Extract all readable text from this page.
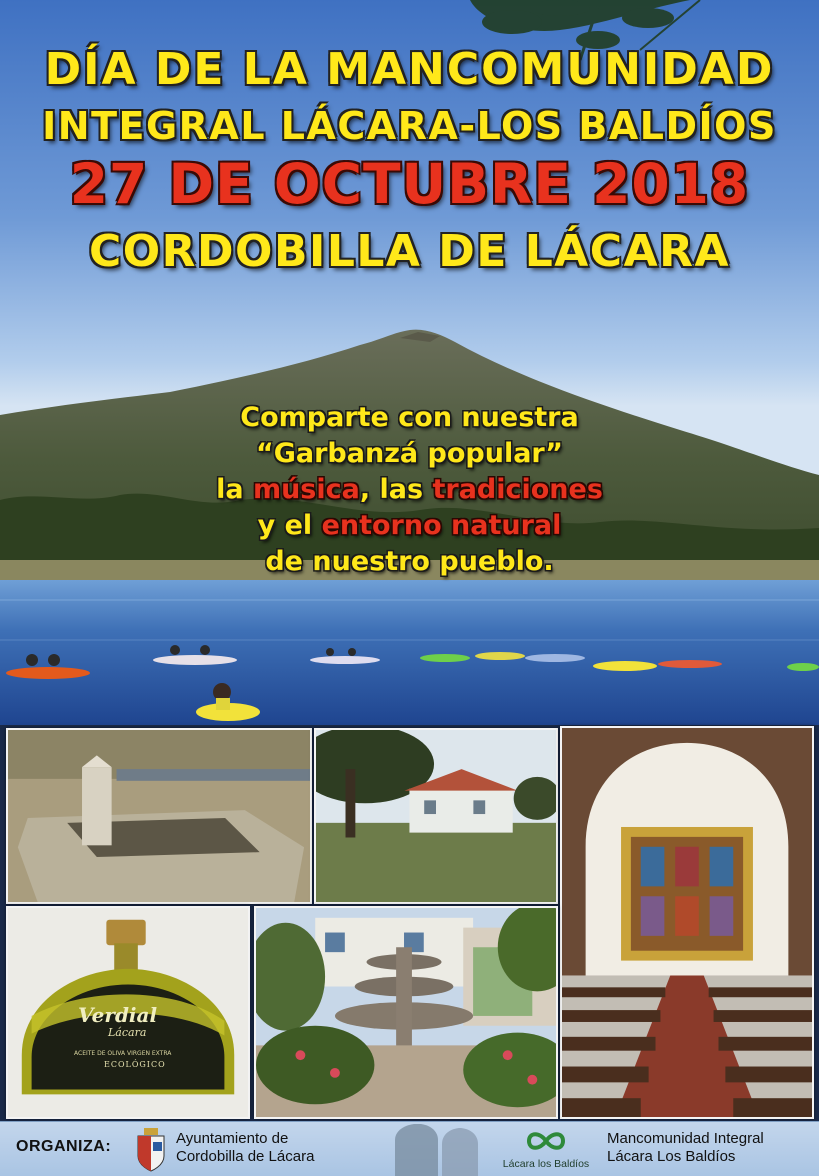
DÍA DE LA MANCOMUNIDAD
INTEGRAL LÁCARA-LOS BALDÍOS
27 DE OCTUBRE 2018
CORDOBILLA DE LÁCARA

Comparte con nuestra
“Garbanzá popular”
la música, las tradiciones
y el entorno natural
de nuestro pueblo.

Verdial
Lácara
ACEITE DE OLIVA VIRGEN EXTRA
ECOLÓGICO
ORGANIZA:	Ayuntamiento de
Cordobilla de Lácara	Lácara los Baldíos
Mancomunidad Integral
Lácara Los Baldíos
